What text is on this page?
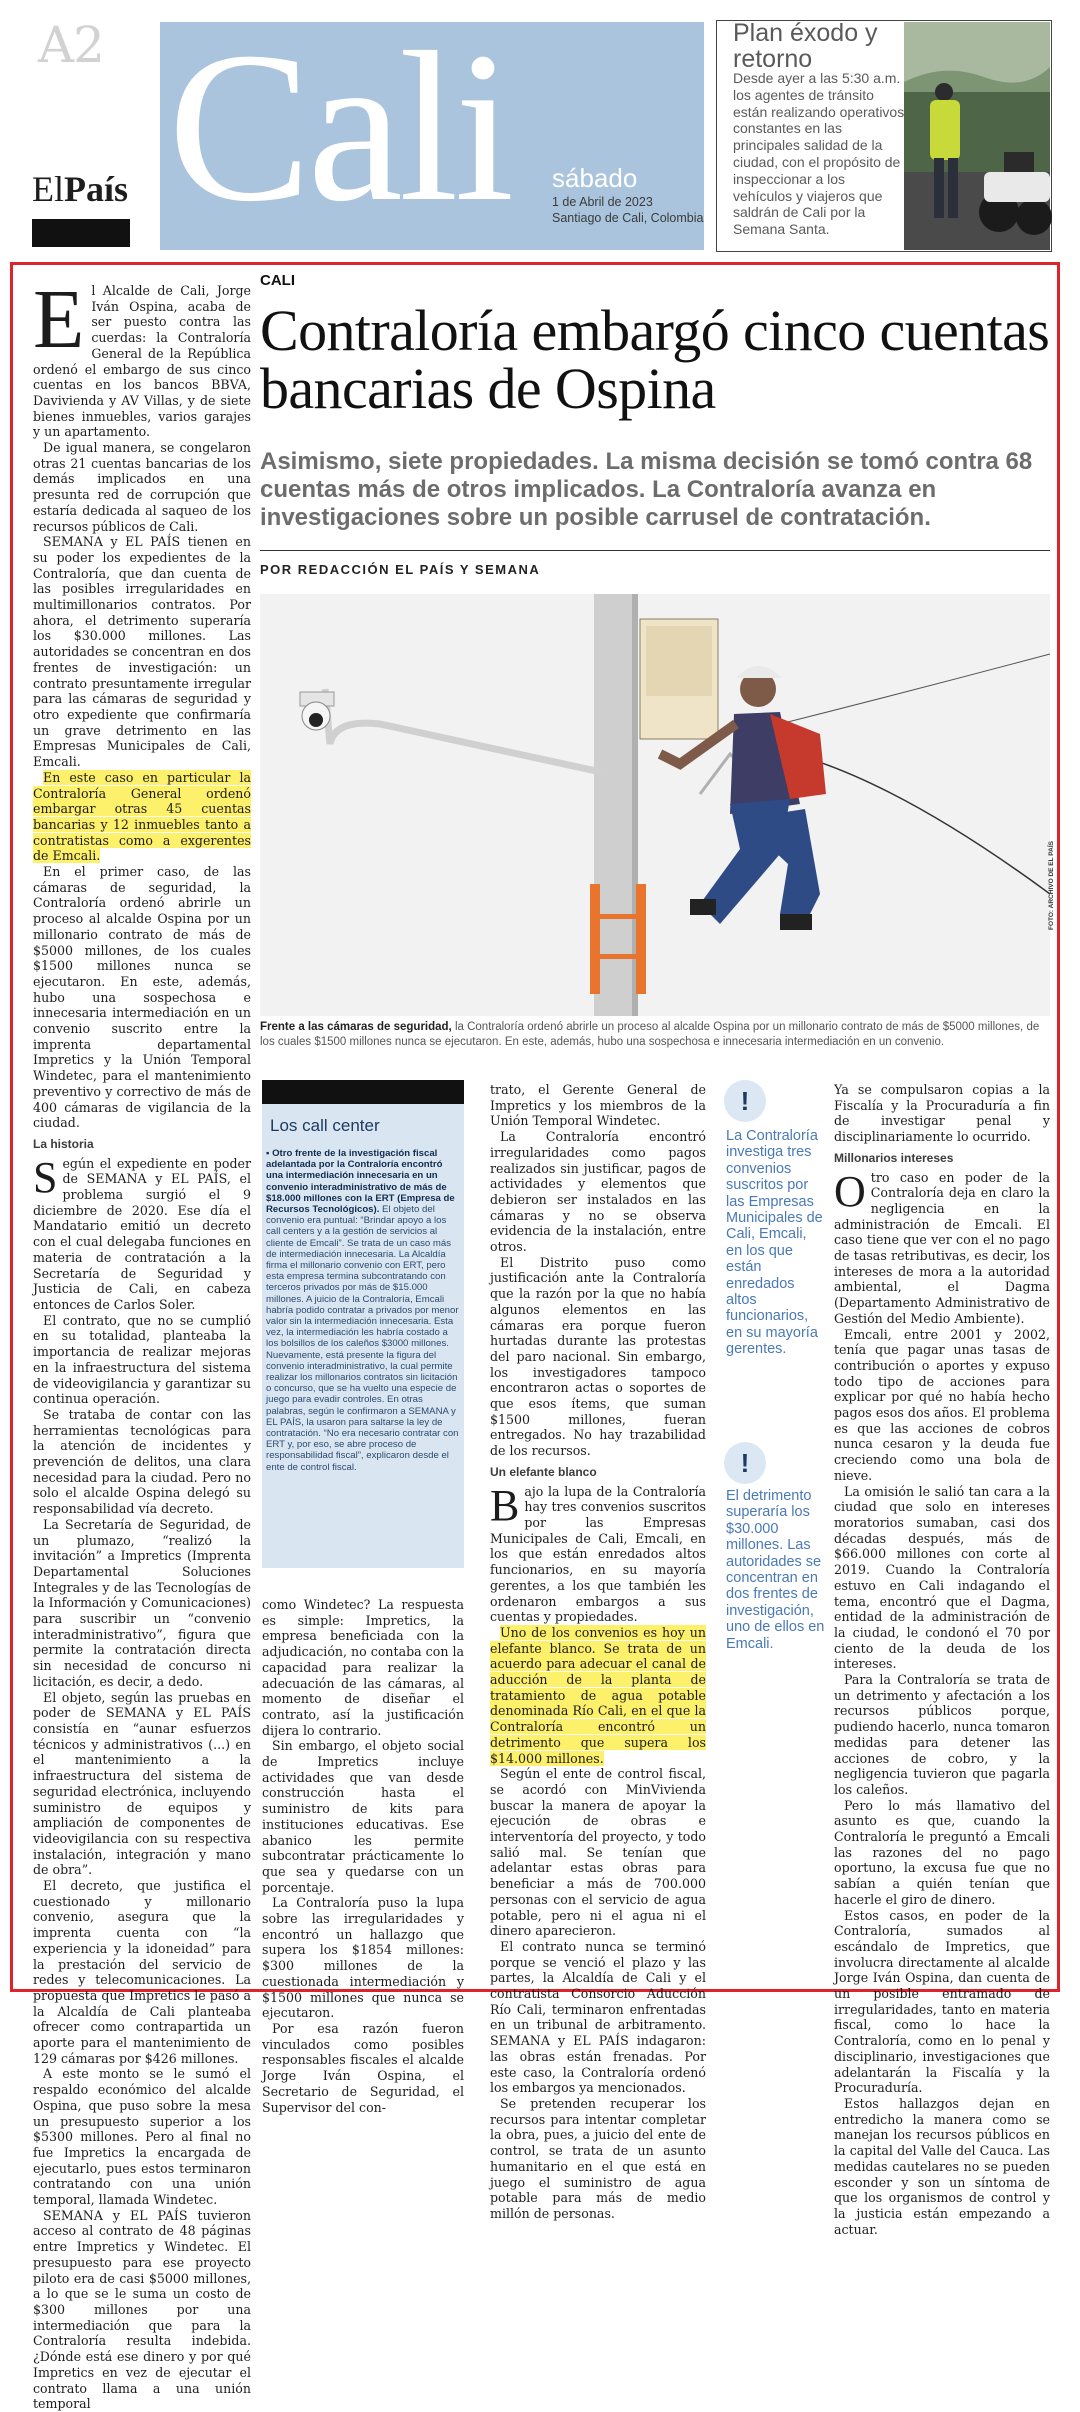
A2
ElPaís Cali sábado
1 de Abril de 2023
Santiago de Cali, Colombia
Plan éxodo y retorno
Desde ayer a las 5:30 a.m. los agentes de tránsito están realizando operativos constantes en las principales salidad de la ciudad, con el propósito de inspeccionar a los vehículos y viajeros que saldrán de Cali por la Semana Santa.

El Alcalde de Cali, Jorge Iván Ospina, acaba de ser puesto contra las cuerdas: la Contraloría General de la República ordenó el embargo de sus cinco cuentas en los bancos BBVA, Davivienda y AV Villas, y de siete bienes inmuebles, varios garajes y un apartamento.

De igual manera, se congelaron otras 21 cuentas bancarias de los demás implicados en una presunta red de corrupción que estaría dedicada al saqueo de los recursos públicos de Cali.

SEMANA y EL PAÍS tienen en su poder los expedientes de la Contraloría, que dan cuenta de las posibles irregularidades en multimillonarios contratos. Por ahora, el detrimento superaría los $30.000 millones. Las autoridades se concentran en dos frentes de investigación: un contrato presuntamente irregular para las cámaras de seguridad y otro expediente que confirmaría un grave detrimento en las Empresas Municipales de Cali, Emcali.

En este caso en particular la Contraloría General ordenó embargar otras 45 cuentas bancarias y 12 inmuebles tanto a contratistas como a exgerentes de Emcali.

En el primer caso, de las cámaras de seguridad, la Contraloría ordenó abrirle un proceso al alcalde Ospina por un millonario contrato de más de $5000 millones, de los cuales $1500 millones nunca se ejecutaron. En este, además, hubo una sospechosa e innecesaria intermediación en un convenio suscrito entre la imprenta departamental Impretics y la Unión Temporal Windetec, para el mantenimiento preventivo y correctivo de más de 400 cámaras de vigilancia de la ciudad.

La historia

Según el expediente en poder de SEMANA y EL PAÍS, el problema surgió el 9 diciembre de 2020. Ese día el Mandatario emitió un decreto con el cual delegaba funciones en materia de contratación a la Secretaría de Seguridad y Justicia de Cali, en cabeza entonces de Carlos Soler.

El contrato, que no se cumplió en su totalidad, planteaba la importancia de realizar mejoras en la infraestructura del sistema de videovigilancia y garantizar su continua operación.

Se trataba de contar con las herramientas tecnológicas para la atención de incidentes y prevención de delitos, una clara necesidad para la ciudad. Pero no solo el alcalde Ospina delegó su responsabilidad vía decreto.

La Secretaría de Seguridad, de un plumazo, “realizó la invitación” a Impretics (Imprenta Departamental Soluciones Integrales y de las Tecnologías de la Información y Comunicaciones) para suscribir un “convenio interadministrativo”, figura que permite la contratación directa sin necesidad de concurso ni licitación, es decir, a dedo.

El objeto, según las pruebas en poder de SEMANA y EL PAÍS consistía en “aunar esfuerzos técnicos y administrativos (...) en el mantenimiento a la infraestructura del sistema de seguridad electrónica, incluyendo suministro de equipos y ampliación de componentes de videovigilancia con su respectiva instalación, integración y mano de obra”.

El decreto, que justifica el cuestionado y millonario convenio, asegura que la imprenta cuenta con “la experiencia y la idoneidad” para la prestación del servicio de redes y telecomunicaciones. La propuesta que Impretics le pasó a la Alcaldía de Cali planteaba ofrecer como contrapartida un aporte para el mantenimiento de 129 cámaras por $426 millones.

A este monto se le sumó el respaldo económico del alcalde Ospina, que puso sobre la mesa un presupuesto superior a los $5300 millones. Pero al final no fue Impretics la encargada de ejecutarlo, pues estos terminaron contratando con una unión temporal, llamada Windetec.

SEMANA y EL PAÍS tuvieron acceso al contrato de 48 páginas entre Impretics y Windetec. El presupuesto para ese proyecto piloto era de casi $5000 millones, a lo que se le suma un costo de $300 millones por una intermediación que para la Contraloría resulta indebida. ¿Dónde está ese dinero y por qué Impretics en vez de ejecutar el contrato llama a una unión temporal

CALI
Contraloría embargó cinco cuentas bancarias de Ospina
Asimismo, siete propiedades. La misma decisión se tomó contra 68 cuentas más de otros implicados. La Contraloría avanza en investigaciones sobre un posible carrusel de contratación.
POR REDACCIÓN EL PAÍS Y SEMANA
FOTO: ARCHIVO DE EL PAÍS
Frente a las cámaras de seguridad, la Contraloría ordenó abrirle un proceso al alcalde Ospina por un millonario contrato de más de $5000 millones, de los cuales $1500 millones nunca se ejecutaron. En este, además, hubo una sospechosa e innecesaria intermediación en un convenio.
Los call center
▪ Otro frente de la investigación fiscal adelantada por la Contraloría encontró una intermediación innecesaria en un convenio interadministrativo de más de $18.000 millones con la ERT (Empresa de Recursos Tecnológicos). El objeto del convenio era puntual: “Brindar apoyo a los call centers y a la gestión de servicios al cliente de Emcali”. Se trata de un caso más de intermediación innecesaria. La Alcaldía firma el millonario convenio con ERT, pero esta empresa termina subcontratando con terceros privados por más de $15.000 millones. A juicio de la Contraloría, Emcali habría podido contratar a privados por menor valor sin la intermediación innecesaria. Esta vez, la intermediación les habría costado a los bolsillos de los caleños $3000 millones. Nuevamente, está presente la figura del convenio interadministrativo, la cual permite realizar los millonarios contratos sin licitación o concurso, que se ha vuelto una especie de juego para evadir controles. En otras palabras, según le confirmaron a SEMANA y EL PAÍS, la usaron para saltarse la ley de contratación. “No era necesario contratar con ERT y, por eso, se abre proceso de responsabilidad fiscal”, explicaron desde el ente de control fiscal.

como Windetec? La respuesta es simple: Impretics, la empresa beneficiada con la adjudicación, no contaba con la capacidad para realizar la adecuación de las cámaras, al momento de diseñar el contrato, así la justificación dijera lo contrario.

Sin embargo, el objeto social de Impretics incluye actividades que van desde construcción hasta el suministro de kits para instituciones educativas. Ese abanico les permite subcontratar prácticamente lo que sea y quedarse con un porcentaje.

La Contraloría puso la lupa sobre las irregularidades y encontró un hallazgo que supera los $1854 millones: $300 millones de la cuestionada intermediación y $1500 millones que nunca se ejecutaron.

Por esa razón fueron vinculados como posibles responsables fiscales el alcalde Jorge Iván Ospina, el Secretario de Seguridad, el Supervisor del con-

trato, el Gerente General de Impretics y los miembros de la Unión Temporal Windetec.

La Contraloría encontró irregularidades como pagos realizados sin justificar, pagos de actividades y elementos que debieron ser instalados en las cámaras y no se observa evidencia de la instalación, entre otros.

El Distrito puso como justificación ante la Contraloría que la razón por la que no había algunos elementos en las cámaras era porque fueron hurtadas durante las protestas del paro nacional. Sin embargo, los investigadores tampoco encontraron actas o soportes de que esos ítems, que suman $1500 millones, fueran entregados. No hay trazabilidad de los recursos.

Un elefante blanco

Bajo la lupa de la Contraloría hay tres convenios suscritos por las Empresas Municipales de Cali, Emcali, en los que están enredados altos funcionarios, en su mayoría gerentes, a los que también les ordenaron embargos a sus cuentas y propiedades.

Uno de los convenios es hoy un elefante blanco. Se trata de un acuerdo para adecuar el canal de aducción de la planta de tratamiento de agua potable denominada Río Cali, en el que la Contraloría encontró un detrimento que supera los $14.000 millones.

Según el ente de control fiscal, se acordó con MinVivienda buscar la manera de apoyar la ejecución de obras e interventoría del proyecto, y todo salió mal. Se tenían que adelantar estas obras para beneficiar a más de 700.000 personas con el servicio de agua potable, pero ni el agua ni el dinero aparecieron.

El contrato nunca se terminó porque se venció el plazo y las partes, la Alcaldía de Cali y el contratista Consorcio Aducción Río Cali, terminaron enfrentadas en un tribunal de arbitramento. SEMANA y EL PAÍS indagaron: las obras están frenadas. Por este caso, la Contraloría ordenó los embargos ya mencionados.

Se pretenden recuperar los recursos para intentar completar la obra, pues, a juicio del ente de control, se trata de un asunto humanitario en el que está en juego el suministro de agua potable para más de medio millón de personas.

!
La Contraloría investiga tres convenios suscritos por las Empresas Municipales de Cali, Emcali, en los que están enredados altos funcionarios, en su mayoría gerentes.
!
El detrimento superaría los $30.000 millones. Las autoridades se concentran en dos frentes de investigación, uno de ellos en Emcali.

Ya se compulsaron copias a la Fiscalía y la Procuraduría a fin de investigar penal y disciplinariamente lo ocurrido.

Millonarios intereses

Otro caso en poder de la Contraloría deja en claro la negligencia en la administración de Emcali. El caso tiene que ver con el no pago de tasas retributivas, es decir, los intereses de mora a la autoridad ambiental, el Dagma (Departamento Administrativo de Gestión del Medio Ambiente).

Emcali, entre 2001 y 2002, tenía que pagar unas tasas de contribución o aportes y expuso todo tipo de acciones para explicar por qué no había hecho pagos esos dos años. El problema es que las acciones de cobros nunca cesaron y la deuda fue creciendo como una bola de nieve.

La omisión le salió tan cara a la ciudad que solo en intereses moratorios sumaban, casi dos décadas después, más de $66.000 millones con corte al 2019. Cuando la Contraloría estuvo en Cali indagando el tema, encontró que el Dagma, entidad de la administración de la ciudad, le condonó el 70 por ciento de la deuda de los intereses.

Para la Contraloría se trata de un detrimento y afectación a los recursos públicos porque, pudiendo hacerlo, nunca tomaron medidas para detener las acciones de cobro, y la negligencia tuvieron que pagarla los caleños.

Pero lo más llamativo del asunto es que, cuando la Contraloría le preguntó a Emcali las razones del no pago oportuno, la excusa fue que no sabían a quién tenían que hacerle el giro de dinero.

Estos casos, en poder de la Contraloría, sumados al escándalo de Impretics, que involucra directamente al alcalde Jorge Iván Ospina, dan cuenta de un posible entramado de irregularidades, tanto en materia fiscal, como lo hace la Contraloría, como en lo penal y disciplinario, investigaciones que adelantarán la Fiscalía y la Procuraduría.

Estos hallazgos dejan en entredicho la manera como se manejan los recursos públicos en la capital del Valle del Cauca. Las medidas cautelares no se pueden esconder y son un síntoma de que los organismos de control y la justicia están empezando a actuar.
